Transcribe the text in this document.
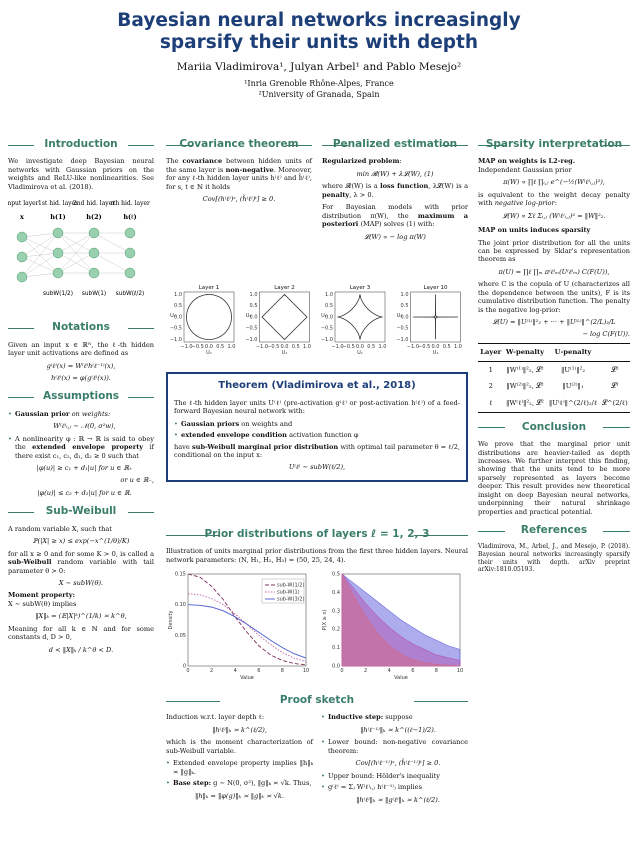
Bayesian neural networks increasingly
sparsify their units with depth
Mariia Vladimirova¹, Julyan Arbel¹ and Pablo Mesejo²
¹Inria Grenoble Rhône-Alpes, France
²University of Granada, Spain
Introduction

We investigate deep Bayesian neural networks with Gaussian priors on the weights and ReLU-like nonlinearities. See Vladimirova et al. (2018).

input layer 1st hid. layer
2nd hid. layer
ℓth hid. layer
x	h(1)	h(2)	h(ℓ)
subW(1/2) subW(1) subW(ℓ/2)
Notations

Given an input x ∈ ℝᴺ, the ℓ-th hidden layer unit activations are defined as

g⁽ℓ⁾(x) = W⁽ℓ⁾h⁽ℓ⁻¹⁾(x),
h⁽ℓ⁾(x) = φ(g⁽ℓ⁾(x)).
Assumptions
• Gaussian prior on weights:
W⁽ℓ⁾ᵢ,ⱼ ∼ 𝒩(0, σ²w),
• A nonlinearity φ : ℝ → ℝ is said to obey the extended envelope property if there exist c₁, c₂, d₁, d₂ ≥ 0 such that
|φ(u)| ≥ c₁ + d₁|u| for u ∈ ℝ₊
or u ∈ ℝ₋,
|φ(u)| ≤ c₂ + d₂|u| for u ∈ ℝ.
Sub-Weibull

A random variable X, such that

ℙ(|X| ≥ x) ≤ exp(−x^(1/θ)/K)

for all x ≥ 0 and for some K > 0, is called a sub-Weibull random variable with tail parameter θ > 0:

X ∼ subW(θ).

Moment property:
X ∼ subW(θ) implies

‖X‖ₖ = (𝔼|X|ᵏ)^(1/k) ≍ k^θ,

Meaning for all k ∈ ℕ and for some constants d, D > 0,

d < ‖X‖ₖ / k^θ < D.
Covariance theorem

The covariance between hidden units of the same layer is non-negative. Moreover, for any ℓ-th hidden layer units h⁽ℓ⁾ and h̃⁽ℓ⁾, for s, t ∈ ℕ it holds

Cov[(h⁽ℓ⁾)ˢ, (h̃⁽ℓ⁾)ᵗ] ≥ 0.
Penalized estimation

Regularized problem:

min 𝓡(W) + λ𝓛(W), (1)

where 𝓡(W) is a loss function, λ𝓛(W) is a penalty, λ > 0.

For Bayesian models with prior distribution π(W), the maximum a posteriori (MAP) solves (1) with:

𝓛(W) ∝ − log π(W)
Layer 1
−1.0
−1.0
−0.5
−0.5
0.0
0.0
0.5
0.5
1.0
1.0
U₁
U₂
Layer 2
−1.0
−1.0
−0.5
−0.5
0.0
0.0
0.5
0.5
1.0
1.0
U₁
U₂
Layer 3
−1.0
−1.0
−0.5
−0.5
0.0
0.0
0.5
0.5
1.0
1.0
U₁
U₂
Layer 10
−1.0
−1.0
−0.5
−0.5
0.0
0.0
0.5
0.5
1.0
1.0
U₁
U₂
Theorem (Vladimirova et al., 2018)

The ℓ-th hidden layer units U⁽ℓ⁾ (pre-activation g⁽ℓ⁾ or post-activation h⁽ℓ⁾) of a feed-forward Bayesian neural network with:

• Gaussian priors on weights and
• extended envelope condition activation function φ

have sub-Weibull marginal prior distribution with optimal tail parameter θ = ℓ/2, conditional on the input x:

U⁽ℓ⁾ ∼ subW(ℓ/2),
Prior distributions of layers ℓ = 1, 2, 3

Illustration of units marginal prior distributions from the first three hidden layers. Neural network parameters: (N, H₁, H₂, H₃) = (50, 25, 24, 4).

0	2	4	6	8	10
0
0.05
0.10
0.15
Value
Density
sub-W(1/2)
sub-W(1)
sub-W(3/2)
0	2	4	6	8	10
0.0
0.1
0.2
0.3
0.4
0.5
Value
P(X ≥ x)
Proof sketch

Induction w.r.t. layer depth ℓ:

‖h⁽ℓ⁾‖ₖ ≍ k^(ℓ/2),

which is the moment characterization of sub-Weibull variable.

• Extended envelope property implies ‖h‖ₖ ≍ ‖g‖ₖ.
• Base step: g ∼ N(0, σ²), ‖g‖ₖ ≍ √k. Thus,
‖h‖ₖ = ‖φ(g)‖ₖ ≍ ‖g‖ₖ ≍ √k.
• Inductive step: suppose
‖h⁽ℓ⁻¹⁾‖ₖ ≍ k^((ℓ−1)/2).
• Lower bound: non-negative covariance theorem:
Cov[(h⁽ℓ⁻¹⁾)ˢ, (h̃⁽ℓ⁻¹⁾)ᵗ] ≥ 0.
• Upper bound: Hölder's inequality
• g⁽ℓ⁾ = Σⱼ W⁽ℓ⁾ᵢ,ⱼ h⁽ℓ⁻¹⁾ⱼ implies
‖h⁽ℓ⁾‖ₖ ≍ ‖g⁽ℓ⁾‖ₖ ≍ k^(ℓ/2).
Sparsity interpretation

MAP on weights is L2-reg.
Independent Gaussian prior

π(W) ∝ ∏ℓ ∏ᵢ,ⱼ e^(−½(W⁽ℓ⁾ᵢ,ⱼ)²),

is equivalent to the weight decay penalty with negative log-prior:

𝓛(W) ∝ Σℓ Σᵢ,ⱼ (W⁽ℓ⁾ᵢ,ⱼ)² = ‖W‖²₂.

MAP on units induces sparsity

The joint prior distribution for all the units can be expressed by Sklar's representation theorem as

π(U) = ∏ℓ ∏ₘ π⁽ℓ⁾ₘ(U⁽ℓ⁾ₘ) C(F(U)),

where C is the copula of U (characterizes all the dependence between the units), F is its cumulative distribution function. The penalty is the negative log-prior:

𝓛(U) ≈ ‖U⁽¹⁾‖²₂ + ··· + ‖U⁽ᴸ⁾‖^(2/L)₂/L
− log C(F(U)).
Layer	W-penalty	U-penalty	
1	‖W⁽¹⁾‖²₂, 𝓛²	‖U⁽¹⁾‖²₂	𝓛²
2	‖W⁽²⁾‖²₂, 𝓛²	‖U⁽²⁾‖₁	𝓛¹
ℓ	‖W⁽ℓ⁾‖²₂, 𝓛²	‖U⁽ℓ⁾‖^(2/ℓ)₂/ℓ	𝓛^(2/ℓ)
Conclusion

We prove that the marginal prior unit distributions are heavier-tailed as depth increases. We further interpret this finding, showing that the units tend to be more sparsely represented as layers become deeper. This result provides new theoretical insight on deep Bayesian neural networks, underpinning their natural shrinkage properties and practical potential.

References

Vladimirova, M., Arbel, J., and Mesejo, P. (2018). Bayesian neural networks increasingly sparsify their units with depth. arXiv preprint arXiv:1810.05193.
